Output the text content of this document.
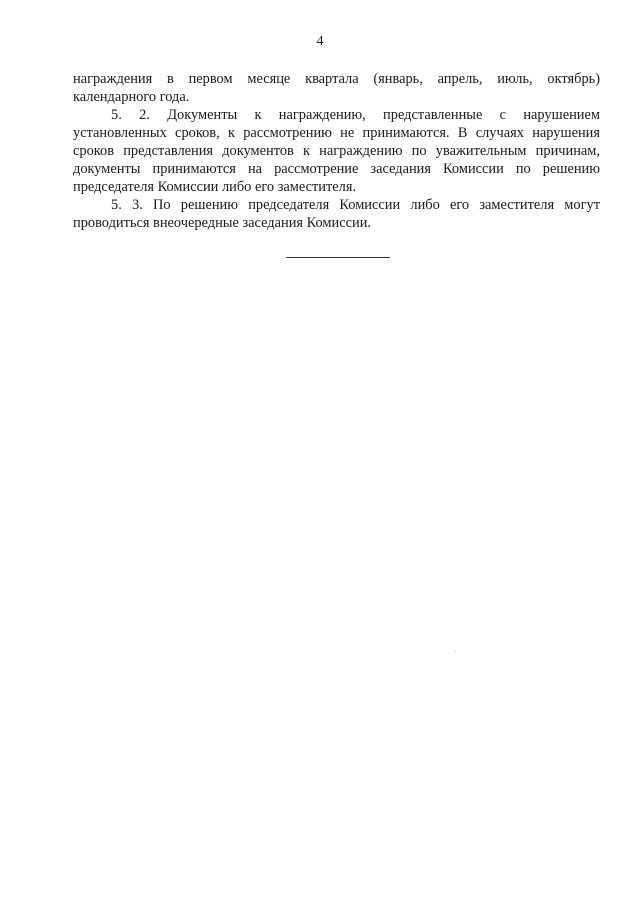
4
награждения в первом месяце квартала (январь, апрель, июль, октябрь)
календарного года.
5. 2. Документы к награждению, представленные с нарушением
установленных сроков, к рассмотрению не принимаются. В случаях нарушения
сроков представления документов к награждению по уважительным причинам,
документы принимаются на рассмотрение заседания Комиссии по решению
председателя Комиссии либо его заместителя.
5. 3. По решению председателя Комиссии либо его заместителя могут
проводиться внеочередные заседания Комиссии.
